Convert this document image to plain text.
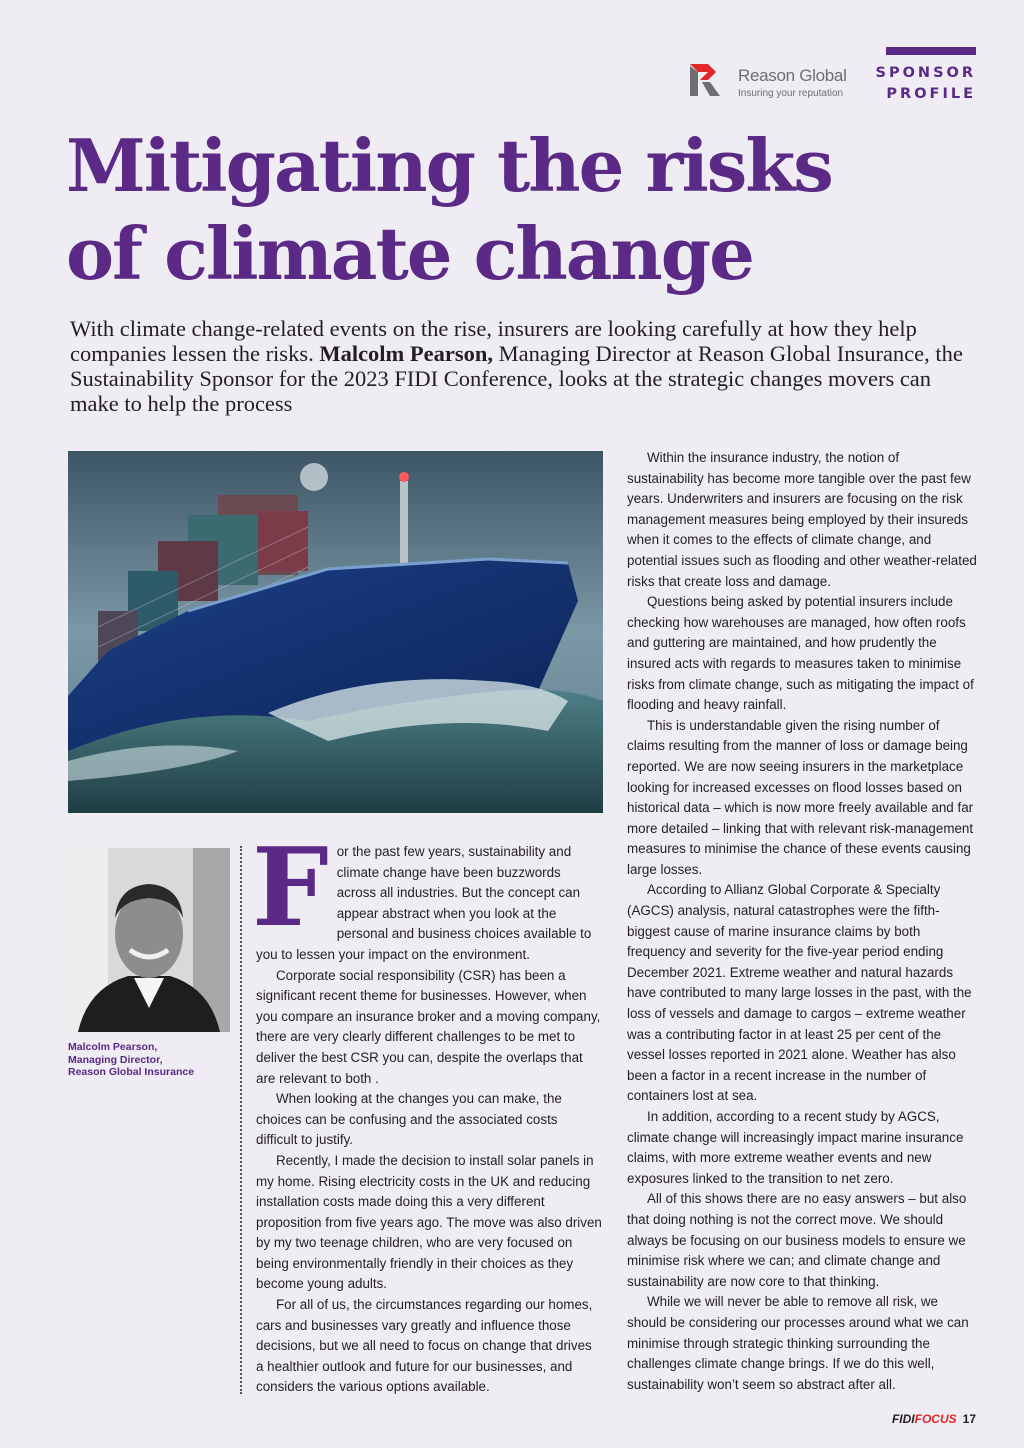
Reason Global
Insuring your reputation
SPONSOR
PROFILE
Mitigating the risks
of climate change
With climate change-related events on the rise, insurers are looking carefully at how they help companies lessen the risks. Malcolm Pearson, Managing Director at Reason Global Insurance, the Sustainability Sponsor for the 2023 FIDI Conference, looks at the strategic changes movers can make to help the process
Malcolm Pearson,
Managing Director,
Reason Global Insurance

For the past few years, sustainability and climate change have been buzzwords across all industries. But the concept can appear abstract when you look at the personal and business choices available to you to lessen your impact on the environment.

Corporate social responsibility (CSR) has been a significant recent theme for businesses. However, when you compare an insurance broker and a moving company, there are very clearly different challenges to be met to deliver the best CSR you can, despite the overlaps that are relevant to both .

When looking at the changes you can make, the choices can be confusing and the associated costs difficult to justify.

Recently, I made the decision to install solar panels in my home. Rising electricity costs in the UK and reducing installation costs made doing this a very different proposition from five years ago. The move was also driven by my two teenage children, who are very focused on being environmentally friendly in their choices as they become young adults.

For all of us, the circumstances regarding our homes, cars and businesses vary greatly and influence those decisions, but we all need to focus on change that drives a healthier outlook and future for our businesses, and considers the various options available.

Within the insurance industry, the notion of sustainability has become more tangible over the past few years. Underwriters and insurers are focusing on the risk management measures being employed by their insureds when it comes to the effects of climate change, and potential issues such as flooding and other weather-related risks that create loss and damage.

Questions being asked by potential insurers include checking how warehouses are managed, how often roofs and guttering are maintained, and how prudently the insured acts with regards to measures taken to minimise risks from climate change, such as mitigating the impact of flooding and heavy rainfall.

This is understandable given the rising number of claims resulting from the manner of loss or damage being reported. We are now seeing insurers in the marketplace looking for increased excesses on flood losses based on historical data – which is now more freely available and far more detailed – linking that with relevant risk-management measures to minimise the chance of these events causing large losses.

According to Allianz Global Corporate & Specialty (AGCS) analysis, natural catastrophes were the fifth-biggest cause of marine insurance claims by both frequency and severity for the five-year period ending December 2021. Extreme weather and natural hazards have contributed to many large losses in the past, with the loss of vessels and damage to cargos – extreme weather was a contributing factor in at least 25 per cent of the vessel losses reported in 2021 alone. Weather has also been a factor in a recent increase in the number of containers lost at sea.

In addition, according to a recent study by AGCS, climate change will increasingly impact marine insurance claims, with more extreme weather events and new exposures linked to the transition to net zero.

All of this shows there are no easy answers – but also that doing nothing is not the correct move. We should always be focusing on our business models to ensure we minimise risk where we can; and climate change and sustainability are now core to that thinking.

While we will never be able to remove all risk, we should be considering our processes around what we can minimise through strategic thinking surrounding the challenges climate change brings. If we do this well, sustainability won’t seem so abstract after all.

FIDIFOCUS 17
